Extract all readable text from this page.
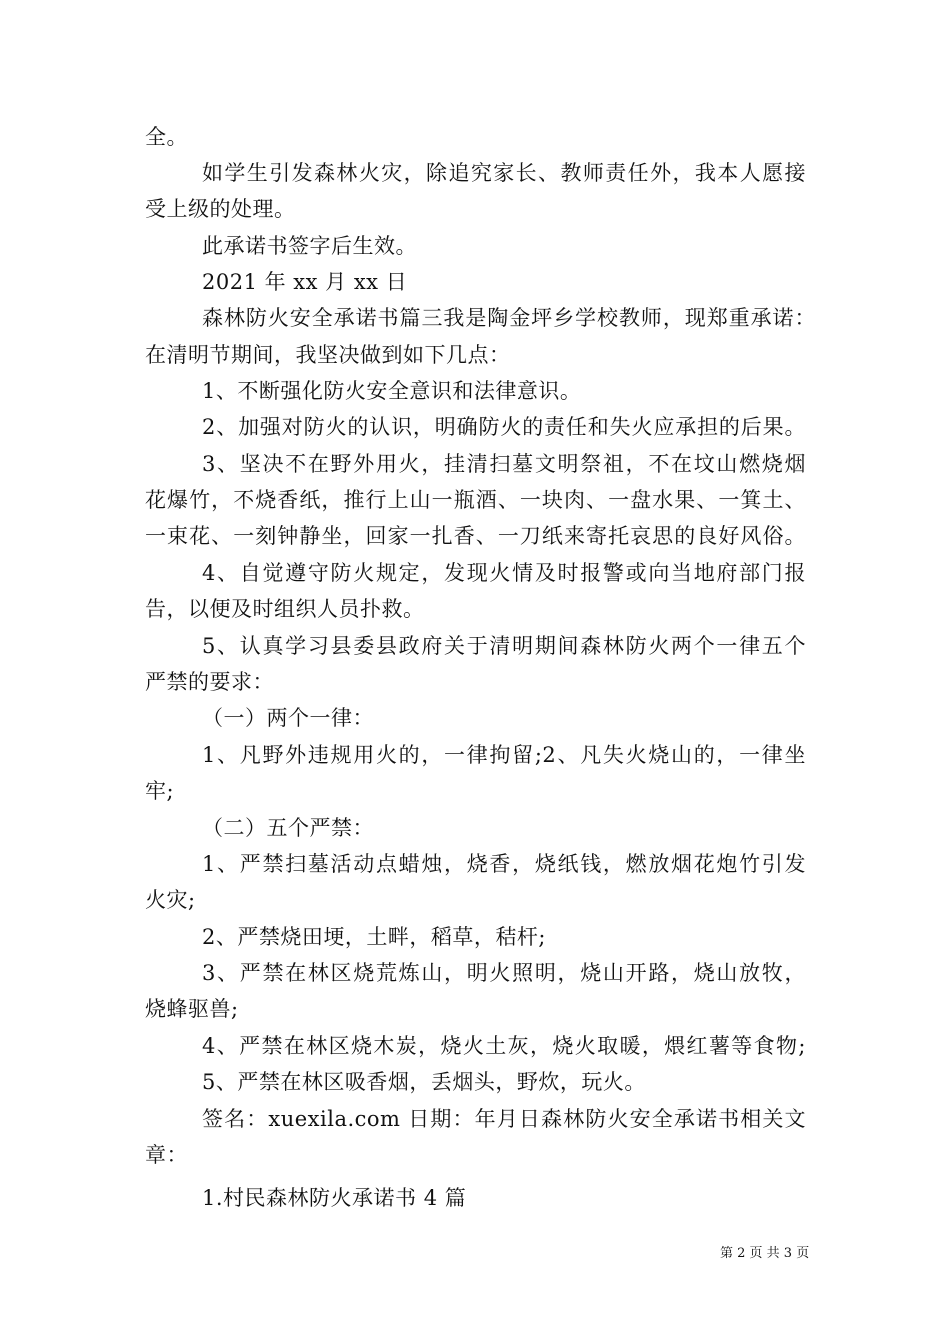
全。
如学生引发森林火灾，除追究家长、教师责任外，我本人愿接
受上级的处理。
此承诺书签字后生效。
2021 年 xx 月 xx 日
森林防火安全承诺书篇三我是陶金坪乡学校教师，现郑重承诺：
在清明节期间，我坚决做到如下几点：
1、不断强化防火安全意识和法律意识。
2、加强对防火的认识，明确防火的责任和失火应承担的后果。
3、坚决不在野外用火，挂清扫墓文明祭祖，不在坟山燃烧烟
花爆竹，不烧香纸，推行上山一瓶酒、一块肉、一盘水果、一箕土、
一束花、一刻钟静坐，回家一扎香、一刀纸来寄托哀思的良好风俗。
4、自觉遵守防火规定，发现火情及时报警或向当地府部门报
告，以便及时组织人员扑救。
5、认真学习县委县政府关于清明期间森林防火两个一律五个
严禁的要求：
（一）两个一律：
1、凡野外违规用火的，一律拘留;2、凡失火烧山的，一律坐
牢;
（二）五个严禁：
1、严禁扫墓活动点蜡烛，烧香，烧纸钱，燃放烟花炮竹引发
火灾;
2、严禁烧田埂，土畔，稻草，秸杆;
3、严禁在林区烧荒炼山，明火照明，烧山开路，烧山放牧，
烧蜂驱兽;
4、严禁在林区烧木炭，烧火土灰，烧火取暖，煨红薯等食物;
5、严禁在林区吸香烟，丢烟头，野炊，玩火。
签名：xuexila.com 日期：年月日森林防火安全承诺书相关文
章：
1.村民森林防火承诺书 4 篇
第 2 页 共 3 页
